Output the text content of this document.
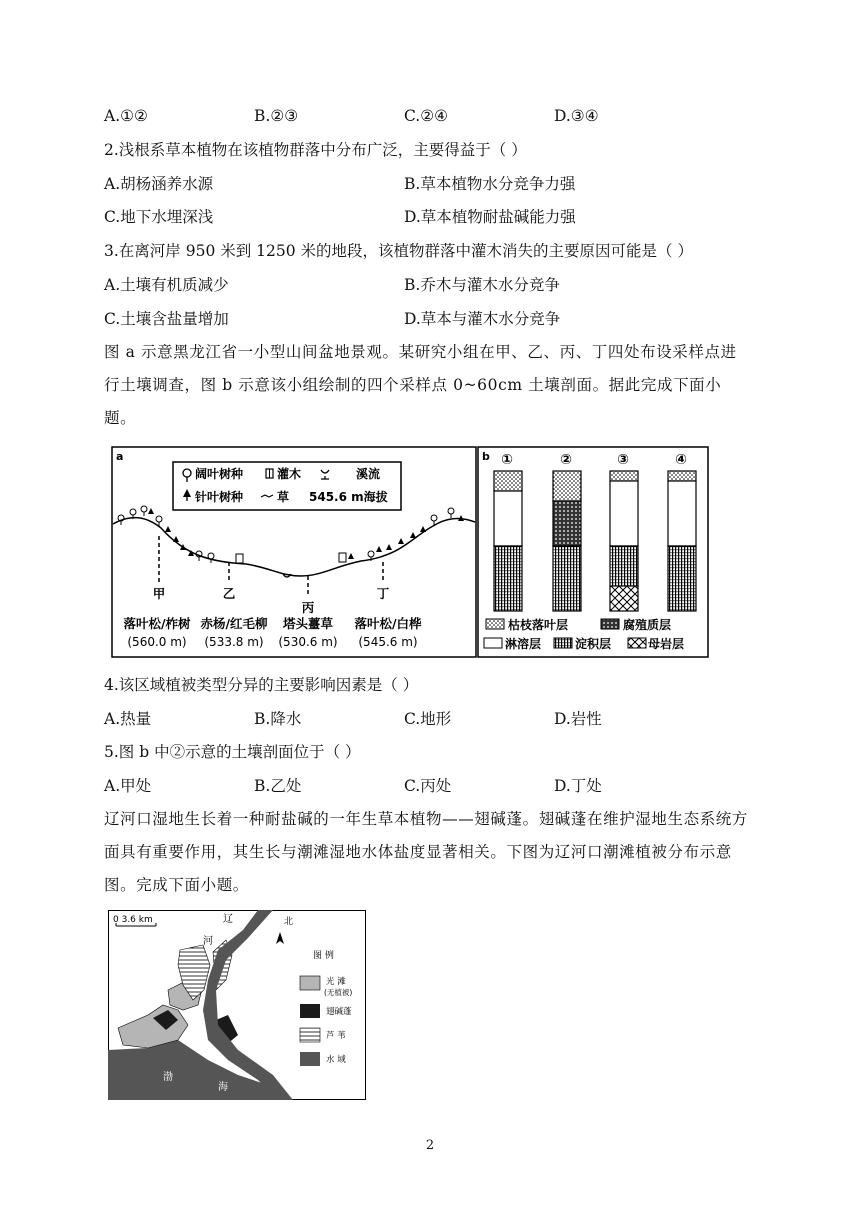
A.①②	B.②③	C.②④	D.③④
2.浅根系草本植物在该植物群落中分布广泛，主要得益于（ ）
A.胡杨涵养水源	B.草本植物水分竞争力强
C.地下水埋深浅	D.草本植物耐盐碱能力强
3.在离河岸 950 米到 1250 米的地段，该植物群落中灌木消失的主要原因可能是（ ）
A.土壤有机质减少	B.乔木与灌木水分竞争
C.土壤含盐量增加	D.草本与灌木水分竞争
图 a 示意黑龙江省一小型山间盆地景观。某研究小组在甲、乙、丙、丁四处布设采样点进行土壤调查，图 b 示意该小组绘制的四个采样点 0~60cm 土壤剖面。据此完成下面小题。
a
阔叶树种	灌木	溪流
针叶树种	草 545.6 m海拔
甲	乙
丙
丁
落叶松/柞树 赤杨/红毛柳 塔头薹草 落叶松/白桦
(560.0 m) (533.8 m) (530.6 m) (545.6 m)
b ①	②	③	④
枯枝落叶层	腐殖质层
淋溶层	淀积层	母岩层
4.该区域植被类型分异的主要影响因素是（ ）
A.热量	B.降水	C.地形	D.岩性
5.图 b 中②示意的土壤剖面位于（ ）
A.甲处	B.乙处	C.丙处	D.丁处
辽河口湿地生长着一种耐盐碱的一年生草本植物——翅碱蓬。翅碱蓬在维护湿地生态系统方面具有重要作用，其生长与潮滩湿地水体盐度显著相关。下图为辽河口潮滩植被分布示意图。完成下面小题。
0 3.6 km	北
辽
河
渤
海
图 例
光 滩
(无植被)
翅碱蓬
芦 苇
水 域
2
